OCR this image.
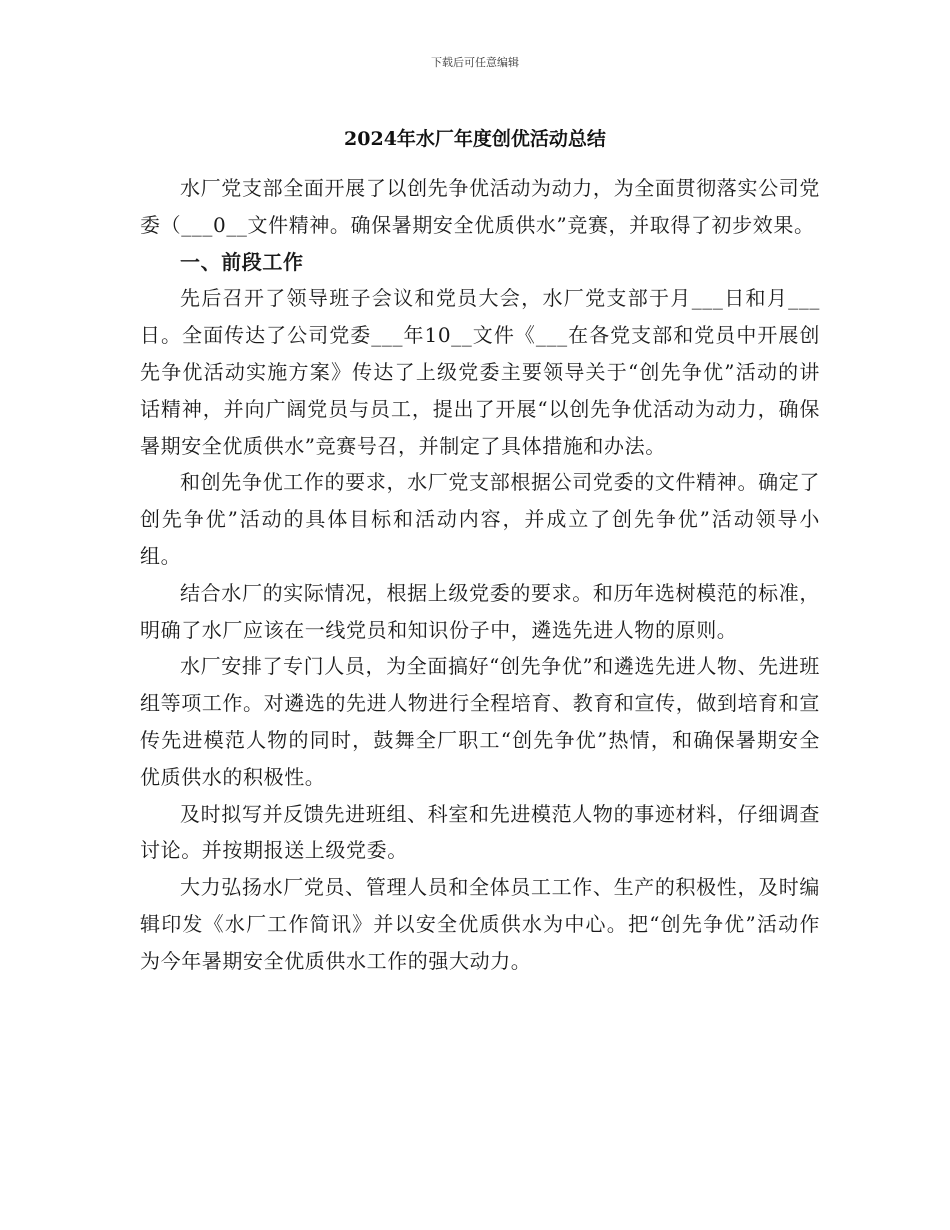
下载后可任意编辑
2024年水厂年度创优活动总结

水厂党支部全面开展了以创先争优活动为动力，为全面贯彻落实公司党委（___0__文件精神。确保暑期安全优质供水”竞赛，并取得了初步效果。

一、前段工作

先后召开了领导班子会议和党员大会，水厂党支部于月___日和月___日。全面传达了公司党委___年10__文件《___在各党支部和党员中开展创先争优活动实施方案》传达了上级党委主要领导关于“创先争优”活动的讲话精神，并向广阔党员与员工，提出了开展“以创先争优活动为动力，确保暑期安全优质供水”竞赛号召，并制定了具体措施和办法。

和创先争优工作的要求，水厂党支部根据公司党委的文件精神。确定了创先争优”活动的具体目标和活动内容，并成立了创先争优”活动领导小组。

结合水厂的实际情况，根据上级党委的要求。和历年选树模范的标准，明确了水厂应该在一线党员和知识份子中，遴选先进人物的原则。

水厂安排了专门人员，为全面搞好“创先争优”和遴选先进人物、先进班组等项工作。对遴选的先进人物进行全程培育、教育和宣传，做到培育和宣传先进模范人物的同时，鼓舞全厂职工“创先争优”热情，和确保暑期安全优质供水的积极性。

及时拟写并反馈先进班组、科室和先进模范人物的事迹材料，仔细调查讨论。并按期报送上级党委。

大力弘扬水厂党员、管理人员和全体员工工作、生产的积极性，及时编辑印发《水厂工作简讯》并以安全优质供水为中心。把“创先争优”活动作为今年暑期安全优质供水工作的强大动力。
